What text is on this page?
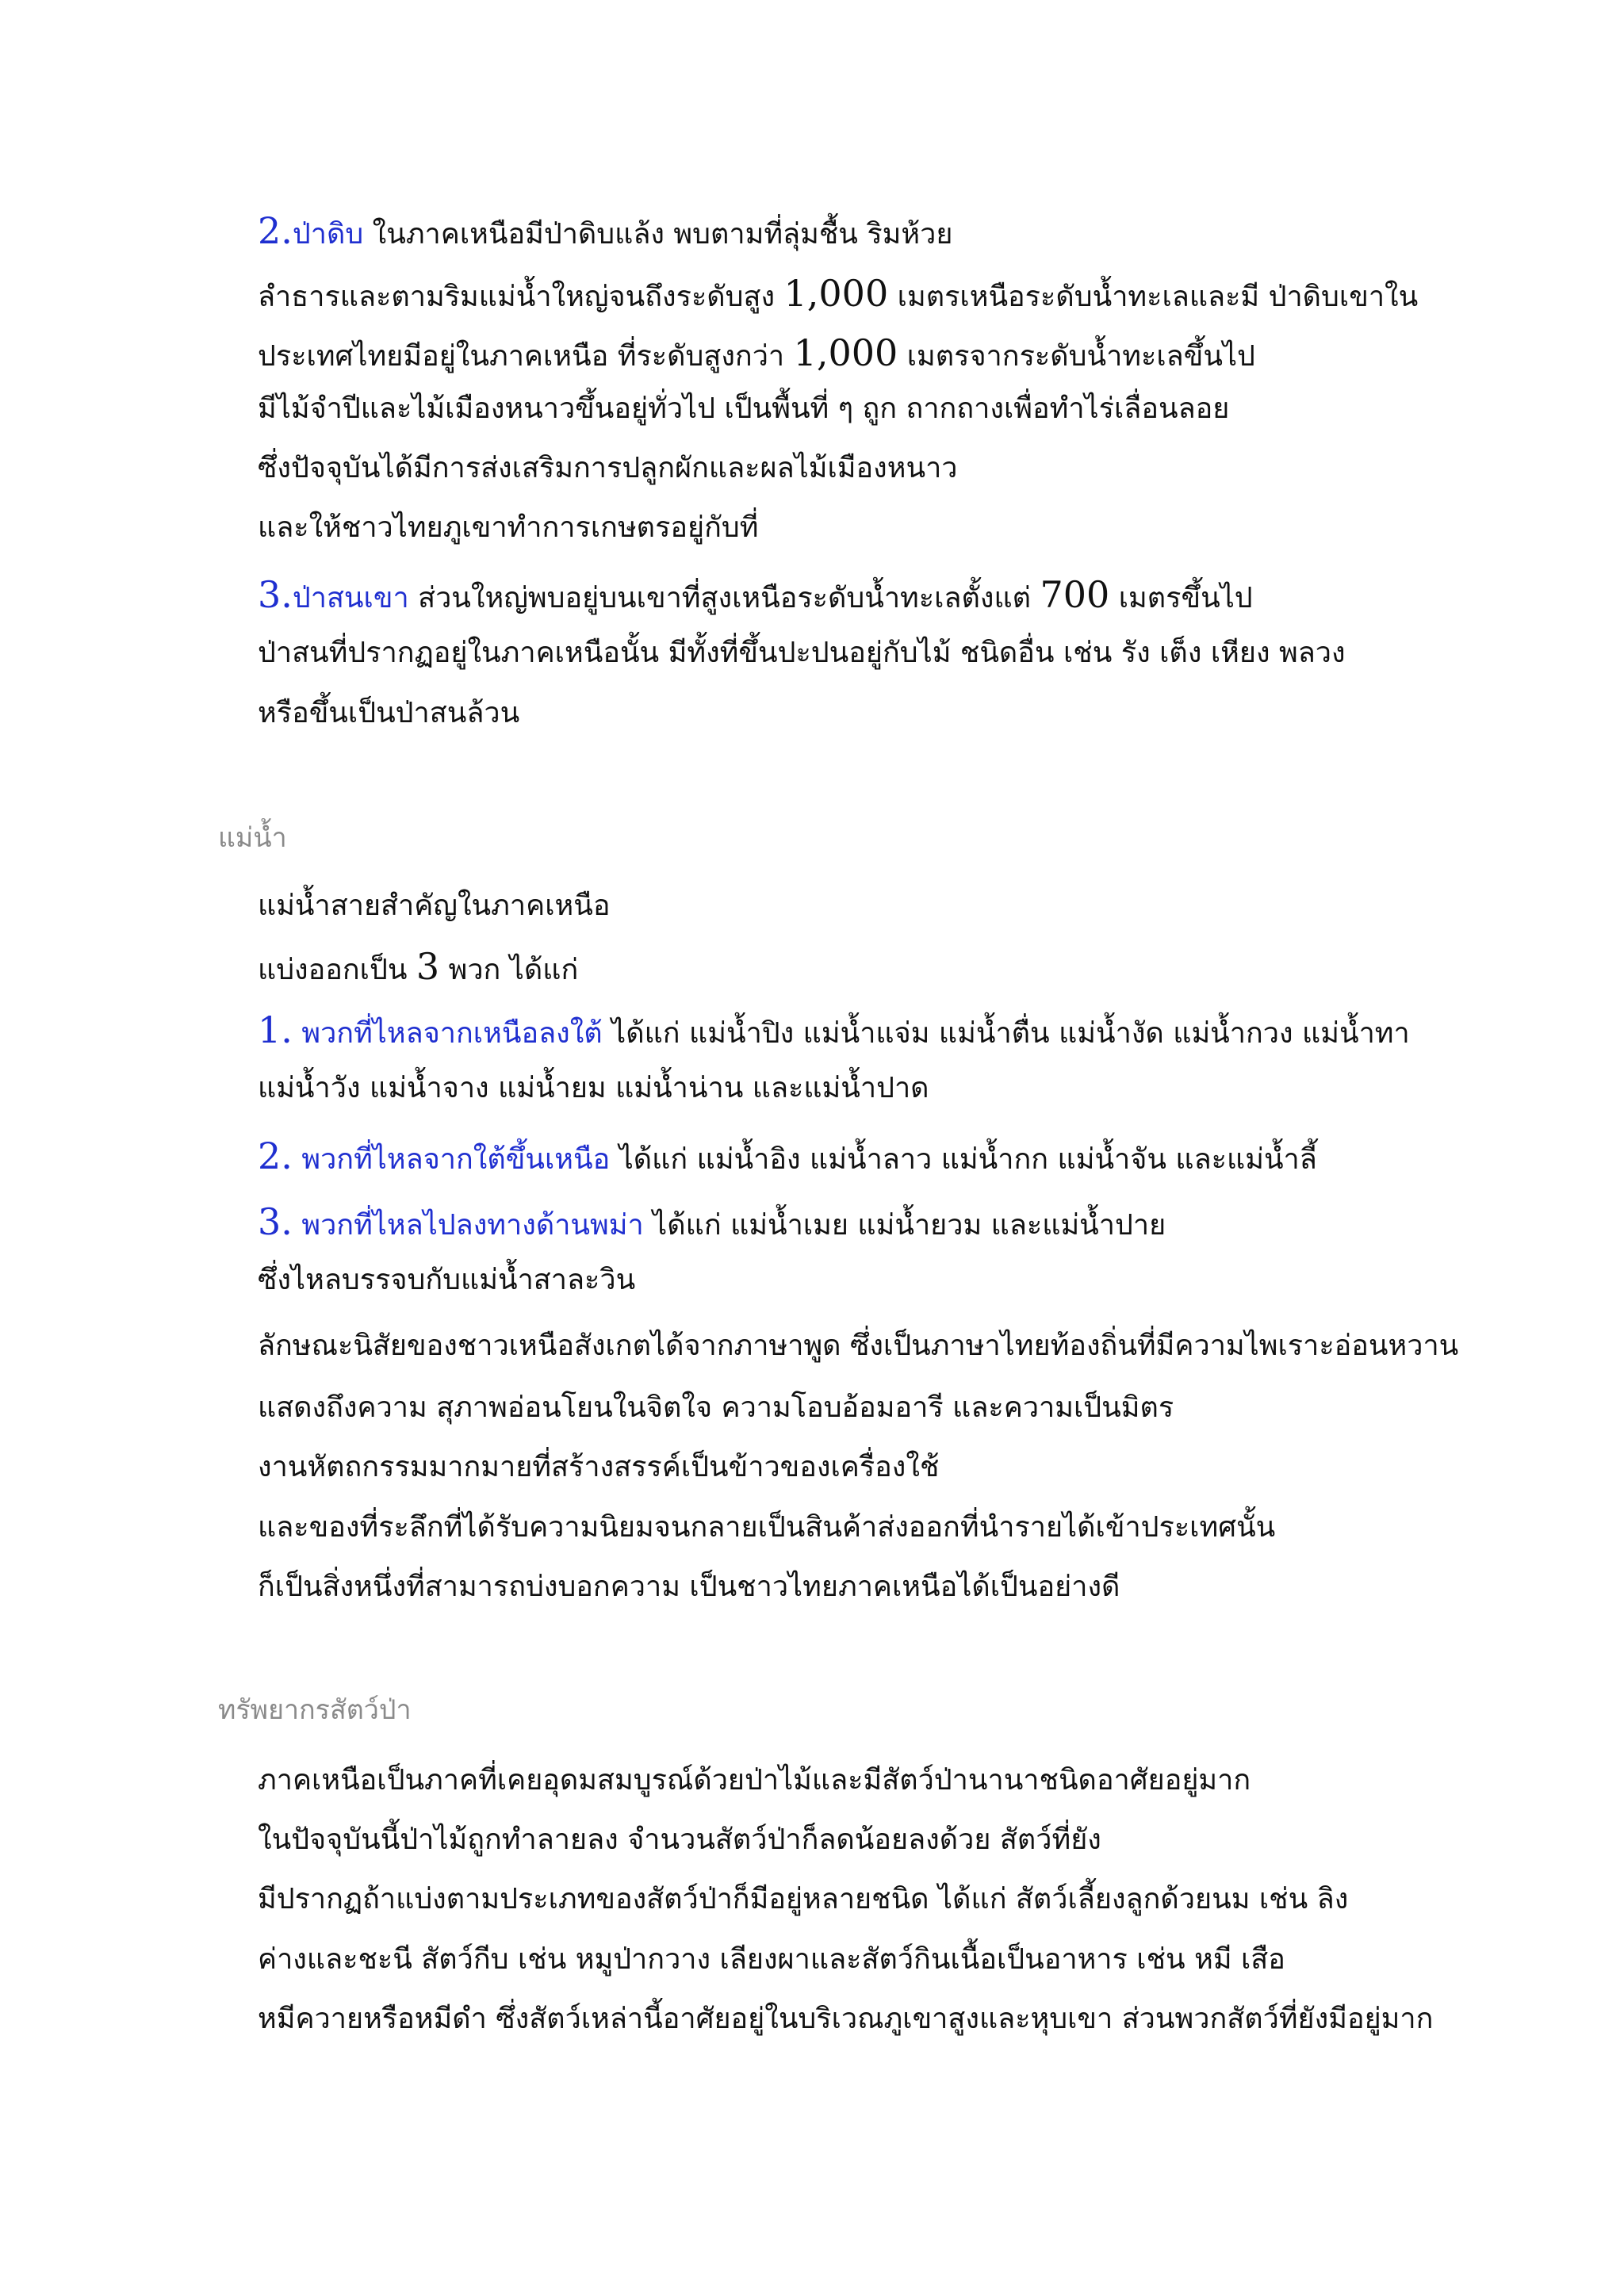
2.ป่าดิบ ในภาคเหนือมีป่าดิบแล้ง พบตามที่ลุ่มชื้น ริมห้วย
ลำธารและตามริมแม่น้ำใหญ่จนถึงระดับสูง 1,000 เมตรเหนือระดับน้ำทะเลและมี ป่าดิบเขาใน
ประเทศไทยมีอยู่ในภาคเหนือ ที่ระดับสูงกว่า 1,000 เมตรจากระดับน้ำทะเลขึ้นไป
มีไม้จำปีและไม้เมืองหนาวขึ้นอยู่ทั่วไป เป็นพื้นที่ ๆ ถูก ถากถางเพื่อทำไร่เลื่อนลอย
ซึ่งปัจจุบันได้มีการส่งเสริมการปลูกผักและผลไม้เมืองหนาว
และให้ชาวไทยภูเขาทำการเกษตรอยู่กับที่
3.ป่าสนเขา ส่วนใหญ่พบอยู่บนเขาที่สูงเหนือระดับน้ำทะเลตั้งแต่ 700 เมตรขึ้นไป
ป่าสนที่ปรากฏอยู่ในภาคเหนือนั้น มีทั้งที่ขึ้นปะปนอยู่กับไม้ ชนิดอื่น เช่น รัง เต็ง เหียง พลวง
หรือขึ้นเป็นป่าสนล้วน
แม่น้ำ
แม่น้ำสายสำคัญในภาคเหนือ
แบ่งออกเป็น 3 พวก ได้แก่
1. พวกที่ไหลจากเหนือลงใต้ ได้แก่ แม่น้ำปิง แม่น้ำแจ่ม แม่น้ำตื่น แม่น้ำงัด แม่น้ำกวง แม่น้ำทา
แม่น้ำวัง แม่น้ำจาง แม่น้ำยม แม่น้ำน่าน และแม่น้ำปาด
2. พวกที่ไหลจากใต้ขึ้นเหนือ ได้แก่ แม่น้ำอิง แม่น้ำลาว แม่น้ำกก แม่น้ำจัน และแม่น้ำลี้
3. พวกที่ไหลไปลงทางด้านพม่า ได้แก่ แม่น้ำเมย แม่น้ำยวม และแม่น้ำปาย
ซึ่งไหลบรรจบกับแม่น้ำสาละวิน
ลักษณะนิสัยของชาวเหนือสังเกตได้จากภาษาพูด ซึ่งเป็นภาษาไทยท้องถิ่นที่มีความไพเราะอ่อนหวาน
แสดงถึงความ สุภาพอ่อนโยนในจิตใจ ความโอบอ้อมอารี และความเป็นมิตร
งานหัตถกรรมมากมายที่สร้างสรรค์เป็นข้าวของเครื่องใช้
และของที่ระลึกที่ได้รับความนิยมจนกลายเป็นสินค้าส่งออกที่นำรายได้เข้าประเทศนั้น
ก็เป็นสิ่งหนึ่งที่สามารถบ่งบอกความ เป็นชาวไทยภาคเหนือได้เป็นอย่างดี
ทรัพยากรสัตว์ป่า
ภาคเหนือเป็นภาคที่เคยอุดมสมบูรณ์ด้วยป่าไม้และมีสัตว์ป่านานาชนิดอาศัยอยู่มาก
ในปัจจุบันนี้ป่าไม้ถูกทำลายลง จำนวนสัตว์ป่าก็ลดน้อยลงด้วย สัตว์ที่ยัง
มีปรากฏถ้าแบ่งตามประเภทของสัตว์ป่าก็มีอยู่หลายชนิด ได้แก่ สัตว์เลี้ยงลูกด้วยนม เช่น ลิง
ค่างและชะนี สัตว์กีบ เช่น หมูป่ากวาง เลียงผาและสัตว์กินเนื้อเป็นอาหาร เช่น หมี เสือ
หมีควายหรือหมีดำ ซึ่งสัตว์เหล่านี้อาศัยอยู่ในบริเวณภูเขาสูงและหุบเขา ส่วนพวกสัตว์ที่ยังมีอยู่มาก
